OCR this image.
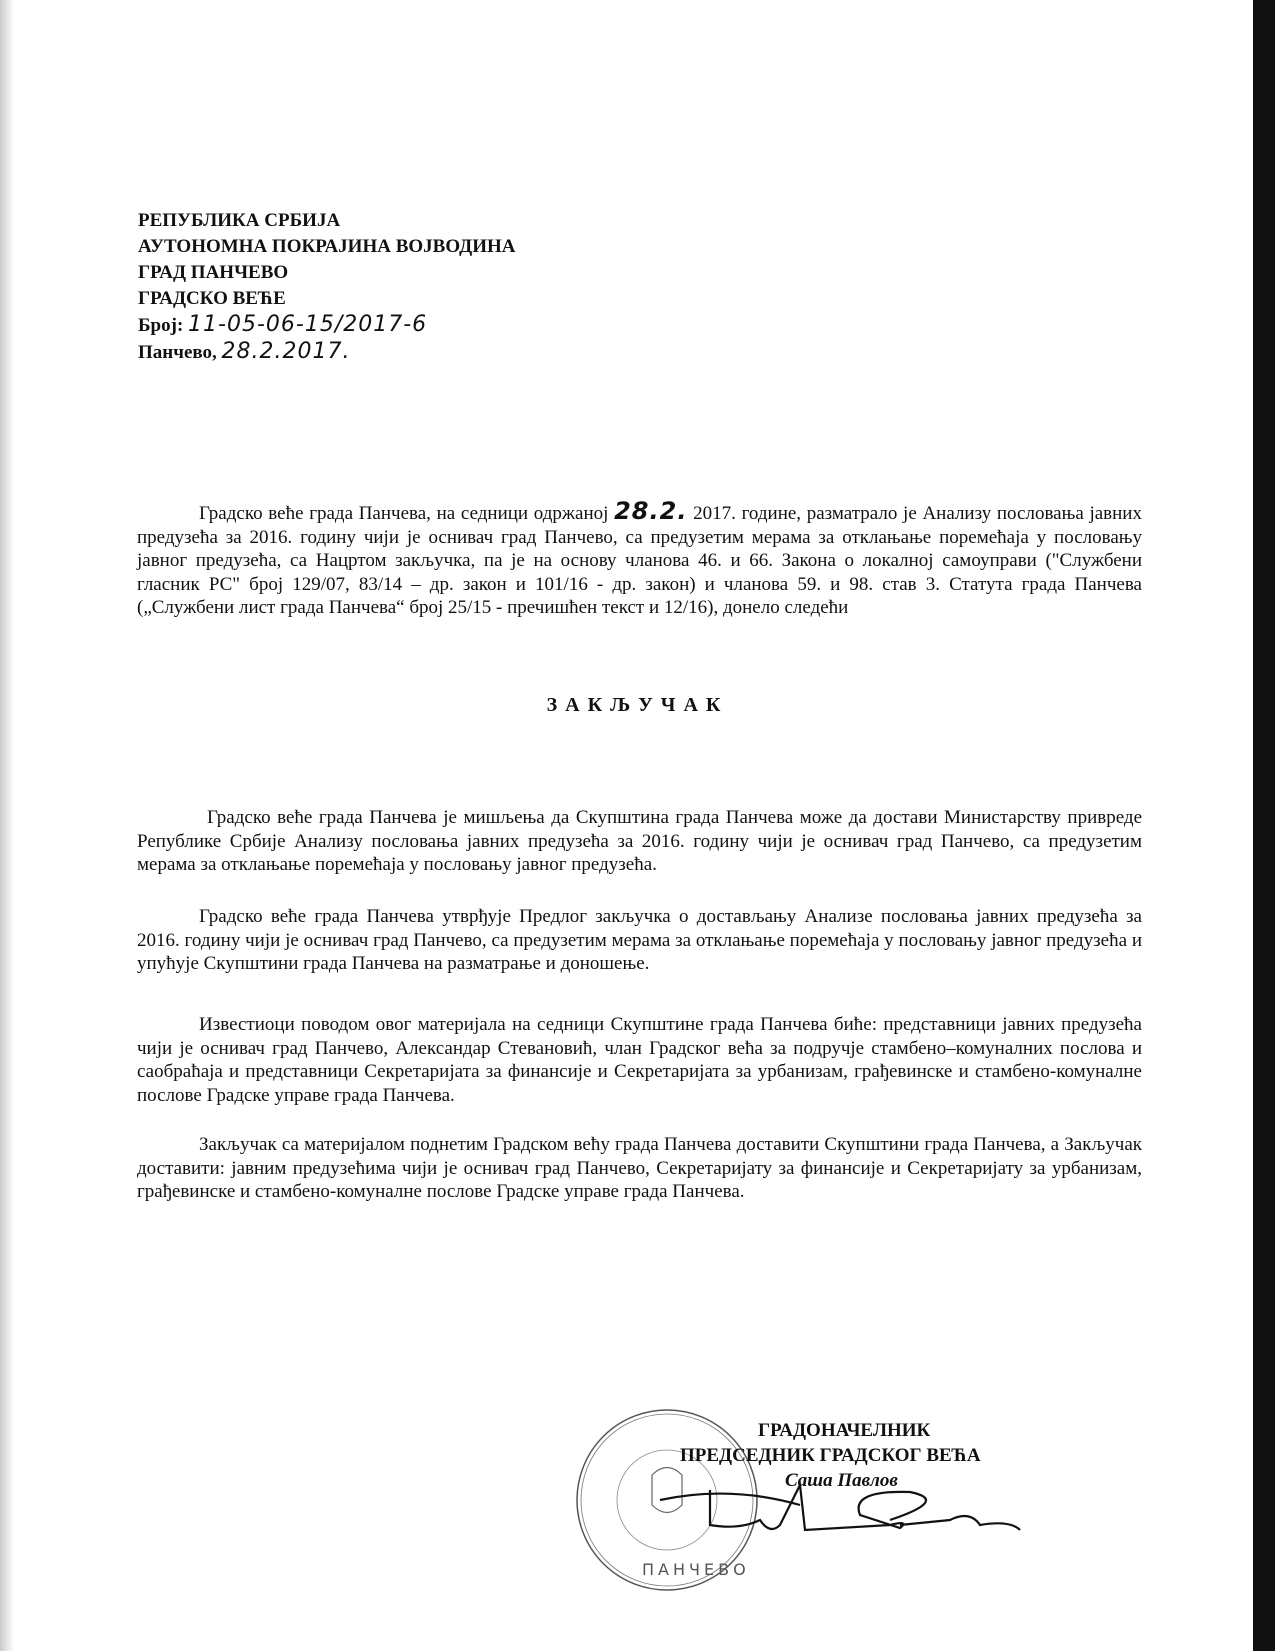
РЕПУБЛИКА СРБИЈА
АУТОНОМНА ПОКРАЈИНА ВОЈВОДИНА
ГРАД ПАНЧЕВО
ГРАДСКО ВЕЋЕ
Број: 11-05-06-15/2017-6
Панчево, 28.2.2017.
Градско веће града Панчева, на седници одржаној 28.2. 2017. године, разматрало је Анализу пословања јавних предузећа за 2016. годину чији је оснивач град Панчево, са предузетим мерама за отклањање поремећаја у пословању јавног предузећа, са Нацртом закључка, па је на основу чланова 46. и 66. Закона о локалној самоуправи ("Службени гласник РС" број 129/07, 83/14 – др. закон и 101/16 - др. закон) и чланова 59. и 98. став 3. Статута града Панчева („Службени лист града Панчева“ број 25/15 - пречишћен текст и 12/16), донело следећи
ЗАКЉУЧАК
Градско веће града Панчева је мишљења да Скупштина града Панчева може да достави Министарству привреде Републике Србије Анализу пословања јавних предузећа за 2016. годину чији је оснивач град Панчево, са предузетим мерама за отклањање поремећаја у пословању јавног предузећа.
Градско веће града Панчева утврђује Предлог закључка о достављању Анализе пословања јавних предузећа за 2016. годину чији је оснивач град Панчево, са предузетим мерама за отклањање поремећаја у пословању јавног предузећа и упућује Скупштини града Панчева на разматрање и доношење.
Известиоци поводом овог материјала на седници Скупштине града Панчева биће: представници јавних предузећа чији је оснивач град Панчево, Александар Стевановић, члан Градског већа за подручје стамбено–комуналних послова и саобраћаја и представници Секретаријата за финансије и Секретаријата за урбанизам, грађевинске и стамбено-комуналне послове Градске управе града Панчева.
Закључак са материјалом поднетим Градском већу града Панчева доставити Скупштини града Панчева, а Закључак доставити: јавним предузећима чији је оснивач град Панчево, Секретаријату за финансије и Секретаријату за урбанизам, грађевинске и стамбено-комуналне послове Градске управе града Панчева.
ПАНЧЕВО
ГРАДОНАЧЕЛНИК
ПРЕДСЕДНИК ГРАДСКОГ ВЕЋА
Саша Павлов
